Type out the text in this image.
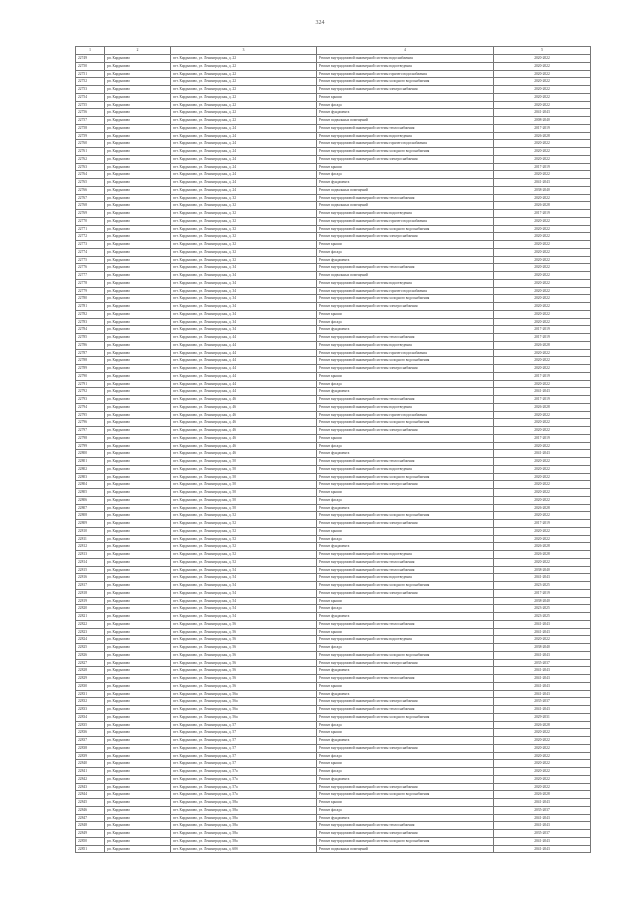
324
1	2	3	4	5
22749	рп. Кардымово	пгт. Кардымово, ул. Ленинградская, д. 22	Ремонт внутридомовой инженерной системы водоснабжения	2020-2022
22750	рп. Кардымово	пгт. Кардымово, ул. Ленинградская, д. 22	Ремонт внутридомовой инженерной системы водоотведения	2020-2022
22751	рп. Кардымово	пгт. Кардымово, ул. Ленинградская, д. 22	Ремонт внутридомовой инженерной системы горячего водоснабжения	2020-2022
22752	рп. Кардымово	пгт. Кардымово, ул. Ленинградская, д. 22	Ремонт внутридомовой инженерной системы холодного водоснабжения	2020-2022
22753	рп. Кардымово	пгт. Кардымово, ул. Ленинградская, д. 22	Ремонт внутридомовой инженерной системы электроснабжения	2020-2022
22754	рп. Кардымово	пгт. Кардымово, ул. Ленинградская, д. 22	Ремонт крыши	2020-2022
22755	рп. Кардымово	пгт. Кардымово, ул. Ленинградская, д. 22	Ремонт фасада	2020-2022
22756	рп. Кардымово	пгт. Кардымово, ул. Ленинградская, д. 22	Ремонт фундамента	2041-2043
22757	рп. Кардымово	пгт. Кардымово, ул. Ленинградская, д. 22	Ремонт подвальных помещений	2008-2040
22758	рп. Кардымово	пгт. Кардымово, ул. Ленинградская, д. 24	Ремонт внутридомовой инженерной системы теплоснабжения	2017-2019
22759	рп. Кардымово	пгт. Кардымово, ул. Ленинградская, д. 24	Ремонт внутридомовой инженерной системы водоотведения	2026-2028
22760	рп. Кардымово	пгт. Кардымово, ул. Ленинградская, д. 24	Ремонт внутридомовой инженерной системы горячего водоснабжения	2020-2022
22761	рп. Кардымово	пгт. Кардымово, ул. Ленинградская, д. 24	Ремонт внутридомовой инженерной системы холодного водоснабжения	2020-2022
22762	рп. Кардымово	пгт. Кардымово, ул. Ленинградская, д. 24	Ремонт внутридомовой инженерной системы электроснабжения	2020-2022
22763	рп. Кардымово	пгт. Кардымово, ул. Ленинградская, д. 24	Ремонт крыши	2017-2019
22764	рп. Кардымово	пгт. Кардымово, ул. Ленинградская, д. 24	Ремонт фасада	2020-2022
22765	рп. Кардымово	пгт. Кардымово, ул. Ленинградская, д. 24	Ремонт фундамента	2041-2043
22766	рп. Кардымово	пгт. Кардымово, ул. Ленинградская, д. 24	Ремонт подвальных помещений	2038-2040
22767	рп. Кардымово	пгт. Кардымово, ул. Ленинградская, д. 32	Ремонт внутридомовой инженерной системы теплоснабжения	2020-2022
22768	рп. Кардымово	пгт. Кардымово, ул. Ленинградская, д. 32	Ремонт подвальных помещений	2026-2028
22769	рп. Кардымово	пгт. Кардымово, ул. Ленинградская, д. 32	Ремонт внутридомовой инженерной системы водоотведения	2017-2019
22770	рп. Кардымово	пгт. Кардымово, ул. Ленинградская, д. 32	Ремонт внутридомовой инженерной системы горячего водоснабжения	2020-2022
22771	рп. Кардымово	пгт. Кардымово, ул. Ленинградская, д. 32	Ремонт внутридомовой инженерной системы холодного водоснабжения	2020-2022
22772	рп. Кардымово	пгт. Кардымово, ул. Ленинградская, д. 32	Ремонт внутридомовой инженерной системы электроснабжения	2020-2022
22773	рп. Кардымово	пгт. Кардымово, ул. Ленинградская, д. 32	Ремонт крыши	2020-2022
22774	рп. Кардымово	пгт. Кардымово, ул. Ленинградская, д. 32	Ремонт фасада	2020-2022
22775	рп. Кардымово	пгт. Кардымово, ул. Ленинградская, д. 32	Ремонт фундамента	2020-2022
22776	рп. Кардымово	пгт. Кардымово, ул. Ленинградская, д. 34	Ремонт внутридомовой инженерной системы теплоснабжения	2020-2022
22777	рп. Кардымово	пгт. Кардымово, ул. Ленинградская, д. 34	Ремонт подвальных помещений	2020-2022
22778	рп. Кардымово	пгт. Кардымово, ул. Ленинградская, д. 34	Ремонт внутридомовой инженерной системы водоотведения	2020-2022
22779	рп. Кардымово	пгт. Кардымово, ул. Ленинградская, д. 34	Ремонт внутридомовой инженерной системы горячего водоснабжения	2020-2022
22780	рп. Кардымово	пгт. Кардымово, ул. Ленинградская, д. 34	Ремонт внутридомовой инженерной системы холодного водоснабжения	2020-2022
22781	рп. Кардымово	пгт. Кардымово, ул. Ленинградская, д. 34	Ремонт внутридомовой инженерной системы электроснабжения	2020-2022
22782	рп. Кардымово	пгт. Кардымово, ул. Ленинградская, д. 34	Ремонт крыши	2020-2022
22783	рп. Кардымово	пгт. Кардымово, ул. Ленинградская, д. 34	Ремонт фасада	2020-2022
22784	рп. Кардымово	пгт. Кардымово, ул. Ленинградская, д. 34	Ремонт фундамента	2017-2019
22785	рп. Кардымово	пгт. Кардымово, ул. Ленинградская, д. 44	Ремонт внутридомовой инженерной системы теплоснабжения	2017-2019
22786	рп. Кардымово	пгт. Кардымово, ул. Ленинградская, д. 44	Ремонт внутридомовой инженерной системы водоотведения	2026-2028
22787	рп. Кардымово	пгт. Кардымово, ул. Ленинградская, д. 44	Ремонт внутридомовой инженерной системы горячего водоснабжения	2020-2022
22788	рп. Кардымово	пгт. Кардымово, ул. Ленинградская, д. 44	Ремонт внутридомовой инженерной системы холодного водоснабжения	2020-2022
22789	рп. Кардымово	пгт. Кардымово, ул. Ленинградская, д. 44	Ремонт внутридомовой инженерной системы электроснабжения	2020-2022
22790	рп. Кардымово	пгт. Кардымово, ул. Ленинградская, д. 44	Ремонт крыши	2017-2019
22791	рп. Кардымово	пгт. Кардымово, ул. Ленинградская, д. 44	Ремонт фасада	2020-2022
22792	рп. Кардымово	пгт. Кардымово, ул. Ленинградская, д. 44	Ремонт фундамента	2041-2043
22793	рп. Кардымово	пгт. Кардымово, ул. Ленинградская, д. 46	Ремонт внутридомовой инженерной системы теплоснабжения	2017-2019
22794	рп. Кардымово	пгт. Кардымово, ул. Ленинградская, д. 46	Ремонт внутридомовой инженерной системы водоотведения	2026-2028
22795	рп. Кардымово	пгт. Кардымово, ул. Ленинградская, д. 46	Ремонт внутридомовой инженерной системы горячего водоснабжения	2020-2022
22796	рп. Кардымово	пгт. Кардымово, ул. Ленинградская, д. 46	Ремонт внутридомовой инженерной системы холодного водоснабжения	2020-2022
22797	рп. Кардымово	пгт. Кардымово, ул. Ленинградская, д. 46	Ремонт внутридомовой инженерной системы электроснабжения	2020-2022
22798	рп. Кардымово	пгт. Кардымово, ул. Ленинградская, д. 46	Ремонт крыши	2017-2019
22799	рп. Кардымово	пгт. Кардымово, ул. Ленинградская, д. 46	Ремонт фасада	2020-2022
22800	рп. Кардымово	пгт. Кардымово, ул. Ленинградская, д. 46	Ремонт фундамента	2041-2043
22801	рп. Кардымово	пгт. Кардымово, ул. Ленинградская, д. 50	Ремонт внутридомовой инженерной системы теплоснабжения	2020-2022
22802	рп. Кардымово	пгт. Кардымово, ул. Ленинградская, д. 50	Ремонт внутридомовой инженерной системы водоотведения	2020-2022
22803	рп. Кардымово	пгт. Кардымово, ул. Ленинградская, д. 50	Ремонт внутридомовой инженерной системы холодного водоснабжения	2020-2022
22804	рп. Кардымово	пгт. Кардымово, ул. Ленинградская, д. 50	Ремонт внутридомовой инженерной системы электроснабжения	2020-2022
22805	рп. Кардымово	пгт. Кардымово, ул. Ленинградская, д. 50	Ремонт крыши	2020-2022
22806	рп. Кардымово	пгт. Кардымово, ул. Ленинградская, д. 50	Ремонт фасада	2020-2022
22807	рп. Кардымово	пгт. Кардымово, ул. Ленинградская, д. 50	Ремонт фундамента	2026-2028
22808	рп. Кардымово	пгт. Кардымово, ул. Ленинградская, д. 52	Ремонт внутридомовой инженерной системы холодного водоснабжения	2020-2022
22809	рп. Кардымово	пгт. Кардымово, ул. Ленинградская, д. 52	Ремонт внутридомовой инженерной системы электроснабжения	2017-2019
22810	рп. Кардымово	пгт. Кардымово, ул. Ленинградская, д. 52	Ремонт крыши	2020-2022
22811	рп. Кардымово	пгт. Кардымово, ул. Ленинградская, д. 52	Ремонт фасада	2020-2022
22812	рп. Кардымово	пгт. Кардымово, ул. Ленинградская, д. 52	Ремонт фундамента	2026-2028
22813	рп. Кардымово	пгт. Кардымово, ул. Ленинградская, д. 52	Ремонт внутридомовой инженерной системы водоотведения	2026-2028
22814	рп. Кардымово	пгт. Кардымово, ул. Ленинградская, д. 52	Ремонт внутридомовой инженерной системы теплоснабжения	2020-2022
22815	рп. Кардымово	пгт. Кардымово, ул. Ленинградская, д. 54	Ремонт внутридомовой инженерной системы теплоснабжения	2038-2040
22816	рп. Кардымово	пгт. Кардымово, ул. Ленинградская, д. 54	Ремонт внутридомовой инженерной системы водоотведения	2041-2043
22817	рп. Кардымово	пгт. Кардымово, ул. Ленинградская, д. 54	Ремонт внутридомовой инженерной системы холодного водоснабжения	2023-2025
22818	рп. Кардымово	пгт. Кардымово, ул. Ленинградская, д. 54	Ремонт внутридомовой инженерной системы электроснабжения	2017-2019
22819	рп. Кардымово	пгт. Кардымово, ул. Ленинградская, д. 54	Ремонт крыши	2038-2040
22820	рп. Кардымово	пгт. Кардымово, ул. Ленинградская, д. 54	Ремонт фасада	2023-2025
22821	рп. Кардымово	пгт. Кардымово, ул. Ленинградская, д. 54	Ремонт фундамента	2023-2025
22822	рп. Кардымово	пгт. Кардымово, ул. Ленинградская, д. 56	Ремонт внутридомовой инженерной системы теплоснабжения	2041-2043
22823	рп. Кардымово	пгт. Кардымово, ул. Ленинградская, д. 56	Ремонт крыши	2041-2043
22824	рп. Кардымово	пгт. Кардымово, ул. Ленинградская, д. 56	Ремонт внутридомовой инженерной системы водоотведения	2020-2022
22825	рп. Кардымово	пгт. Кардымово, ул. Ленинградская, д. 56	Ремонт фасада	2038-2040
22826	рп. Кардымово	пгт. Кардымово, ул. Ленинградская, д. 56	Ремонт внутридомовой инженерной системы холодного водоснабжения	2041-2043
22827	рп. Кардымово	пгт. Кардымово, ул. Ленинградская, д. 56	Ремонт внутридомовой инженерной системы электроснабжения	2035-2037
22828	рп. Кардымово	пгт. Кардымово, ул. Ленинградская, д. 56	Ремонт фундамента	2041-2043
22829	рп. Кардымово	пгт. Кардымово, ул. Ленинградская, д. 56	Ремонт внутридомовой инженерной системы теплоснабжения	2041-2043
22830	рп. Кардымово	пгт. Кардымово, ул. Ленинградская, д. 56	Ремонт крыши	2041-2043
22831	рп. Кардымово	пгт. Кардымово, ул. Ленинградская, д. 56а	Ремонт фундамента	2041-2043
22832	рп. Кардымово	пгт. Кардымово, ул. Ленинградская, д. 56а	Ремонт внутридомовой инженерной системы электроснабжения	2035-2037
22833	рп. Кардымово	пгт. Кардымово, ул. Ленинградская, д. 56а	Ремонт внутридомовой инженерной системы теплоснабжения	2041-2043
22834	рп. Кардымово	пгт. Кардымово, ул. Ленинградская, д. 56а	Ремонт внутридомовой инженерной системы холодного водоснабжения	2029-2031
22835	рп. Кардымово	пгт. Кардымово, ул. Ленинградская, д. 57	Ремонт фасада	2026-2028
22836	рп. Кардымово	пгт. Кардымово, ул. Ленинградская, д. 57	Ремонт крыши	2020-2022
22837	рп. Кардымово	пгт. Кардымово, ул. Ленинградская, д. 57	Ремонт фундамента	2020-2022
22838	рп. Кардымово	пгт. Кардымово, ул. Ленинградская, д. 57	Ремонт внутридомовой инженерной системы электроснабжения	2020-2022
22839	рп. Кардымово	пгт. Кардымово, ул. Ленинградская, д. 57	Ремонт фасада	2020-2022
22840	рп. Кардымово	пгт. Кардымово, ул. Ленинградская, д. 57	Ремонт крыши	2020-2022
22841	рп. Кардымово	пгт. Кардымово, ул. Ленинградская, д. 57а	Ремонт фасада	2020-2022
22842	рп. Кардымово	пгт. Кардымово, ул. Ленинградская, д. 57а	Ремонт фундамента	2020-2022
22843	рп. Кардымово	пгт. Кардымово, ул. Ленинградская, д. 57а	Ремонт внутридомовой инженерной системы электроснабжения	2020-2022
22844	рп. Кардымово	пгт. Кардымово, ул. Ленинградская, д. 57а	Ремонт внутридомовой инженерной системы холодного водоснабжения	2026-2028
22845	рп. Кардымово	пгт. Кардымово, ул. Ленинградская, д. 58а	Ремонт крыши	2041-2043
22846	рп. Кардымово	пгт. Кардымово, ул. Ленинградская, д. 58а	Ремонт фасада	2035-2037
22847	рп. Кардымово	пгт. Кардымово, ул. Ленинградская, д. 58а	Ремонт фундамента	2041-2043
22848	рп. Кардымово	пгт. Кардымово, ул. Ленинградская, д. 58а	Ремонт внутридомовой инженерной системы теплоснабжения	2041-2043
22849	рп. Кардымово	пгт. Кардымово, ул. Ленинградская, д. 58а	Ремонт внутридомовой инженерной системы электроснабжения	2035-2037
22850	рп. Кардымово	пгт. Кардымово, ул. Ленинградская, д. 58а	Ремонт внутридомовой инженерной системы холодного водоснабжения	2041-2043
22851	рп. Кардымово	пгт. Кардымово, ул. Ленинградская, д. 60б	Ремонт подвальных помещений	2041-2043
